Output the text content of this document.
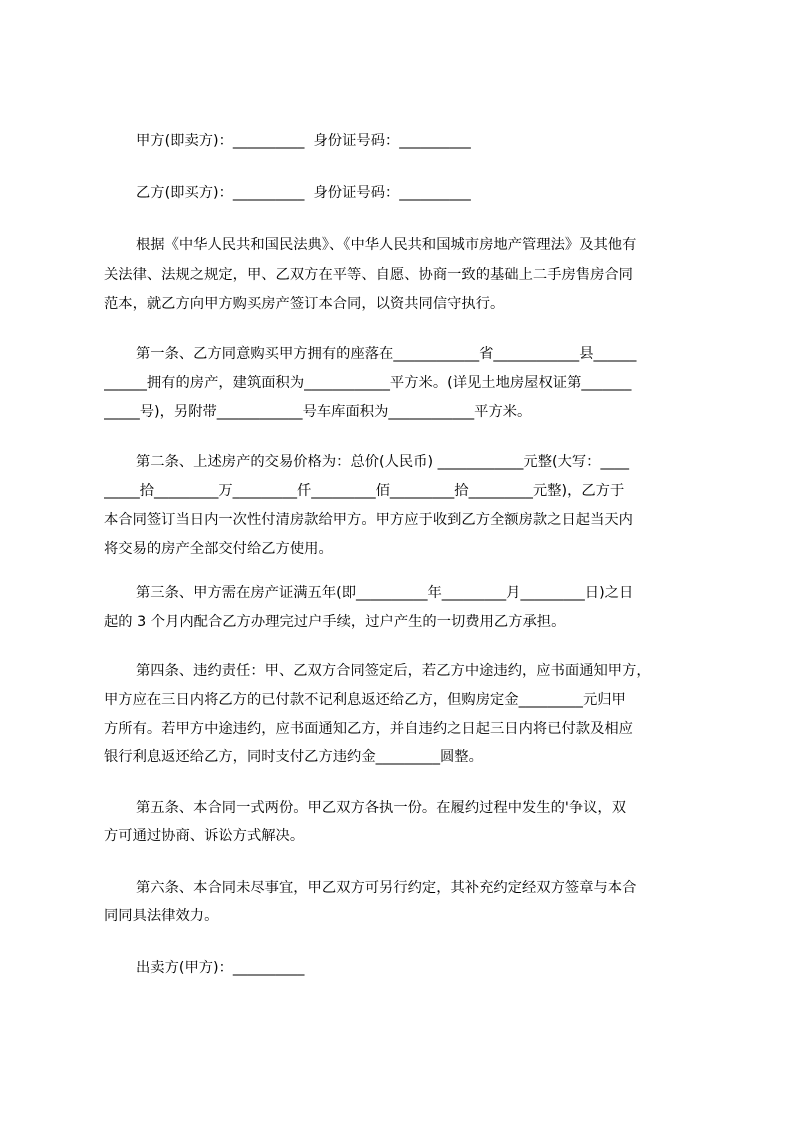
甲方(即卖方)：__________  身份证号码：__________
乙方(即买方)：__________  身份证号码：__________
根据《中华人民共和国民法典》、《中华人民共和国城市房地产管理法》及其他有
关法律、法规之规定，甲、乙双方在平等、自愿、协商一致的基础上二手房售房合同
范本，就乙方向甲方购买房产签订本合同，以资共同信守执行。
第一条、乙方同意购买甲方拥有的座落在____________省____________县______
______拥有的房产，建筑面积为____________平方米。(详见土地房屋权证第_______
_____号)，另附带____________号车库面积为____________平方米。
第二条、上述房产的交易价格为：总价(人民币) ____________元整(大写：____
_____拾_________万_________仟_________佰_________拾_________元整)，乙方于
本合同签订当日内一次性付清房款给甲方。甲方应于收到乙方全额房款之日起当天内
将交易的房产全部交付给乙方使用。
第三条、甲方需在房产证满五年(即__________年_________月_________日)之日
起的 3 个月内配合乙方办理完过户手续，过户产生的一切费用乙方承担。
第四条、违约责任：甲、乙双方合同签定后，若乙方中途违约，应书面通知甲方，
甲方应在三日内将乙方的已付款不记利息返还给乙方，但购房定金_________元归甲
方所有。若甲方中途违约，应书面通知乙方，并自违约之日起三日内将已付款及相应
银行利息返还给乙方，同时支付乙方违约金_________圆整。
第五条、本合同一式两份。甲乙双方各执一份。在履约过程中发生的'争议，双
方可通过协商、诉讼方式解决。
第六条、本合同未尽事宜，甲乙双方可另行约定，其补充约定经双方签章与本合
同同具法律效力。
出卖方(甲方)：__________
